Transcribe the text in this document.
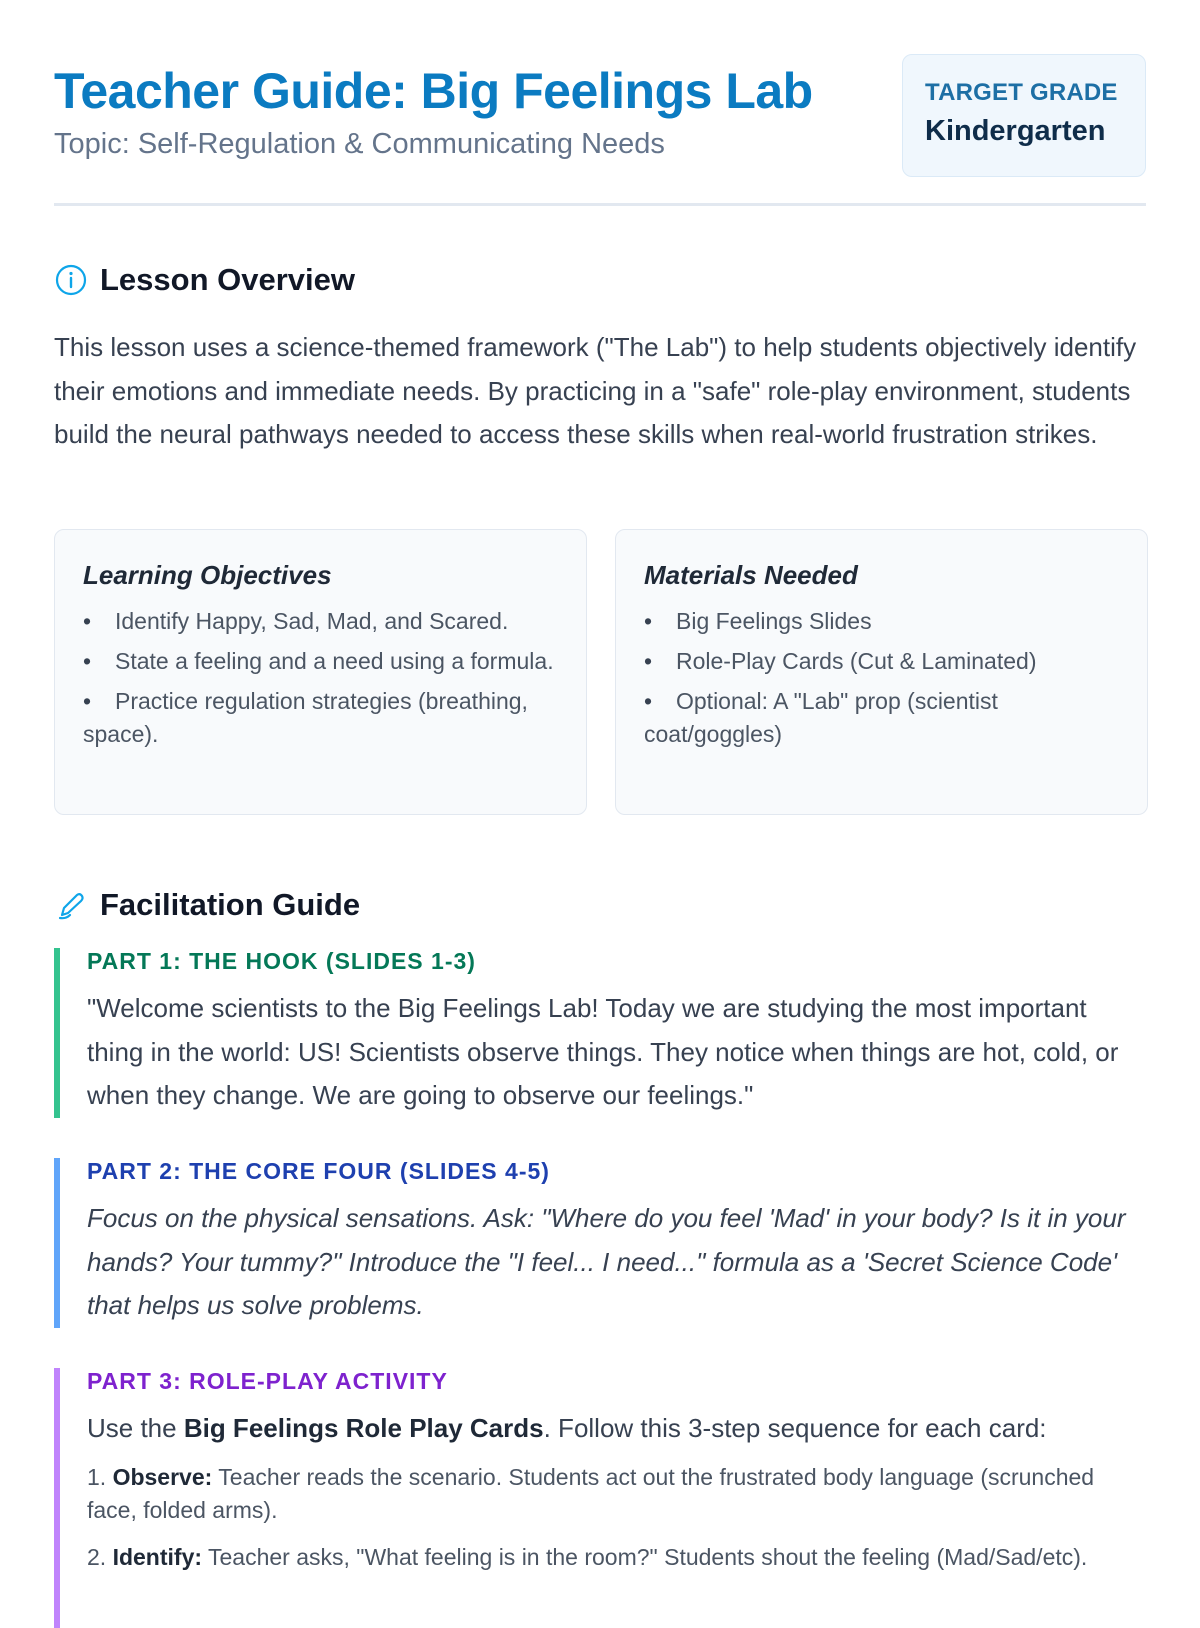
Teacher Guide: Big Feelings Lab

Topic: Self-Regulation & Communicating Needs

TARGET GRADE
Kindergarten
Lesson Overview

This lesson uses a science-themed framework ("The Lab") to help students objectively identify their emotions and immediate needs. By practicing in a "safe" role-play environment, students build the neural pathways needed to access these skills when real-world frustration strikes.

Learning Objectives
• Identify Happy, Sad, Mad, and Scared.
• State a feeling and a need using a formula.
• Practice regulation strategies (breathing, space).
Materials Needed
• Big Feelings Slides
• Role-Play Cards (Cut & Laminated)
• Optional: A "Lab" prop (scientist coat/goggles)
Facilitation Guide

PART 1: THE HOOK (SLIDES 1-3)

"Welcome scientists to the Big Feelings Lab! Today we are studying the most important thing in the world: US! Scientists observe things. They notice when things are hot, cold, or when they change. We are going to observe our feelings."

PART 2: THE CORE FOUR (SLIDES 4-5)

Focus on the physical sensations. Ask: "Where do you feel 'Mad' in your body? Is it in your hands? Your tummy?" Introduce the "I feel... I need..." formula as a 'Secret Science Code' that helps us solve problems.

PART 3: ROLE-PLAY ACTIVITY

Use the Big Feelings Role Play Cards. Follow this 3-step sequence for each card:

1. Observe: Teacher reads the scenario. Students act out the frustrated body language (scrunched face, folded arms).
2. Identify: Teacher asks, "What feeling is in the room?" Students shout the feeling (Mad/Sad/etc).
